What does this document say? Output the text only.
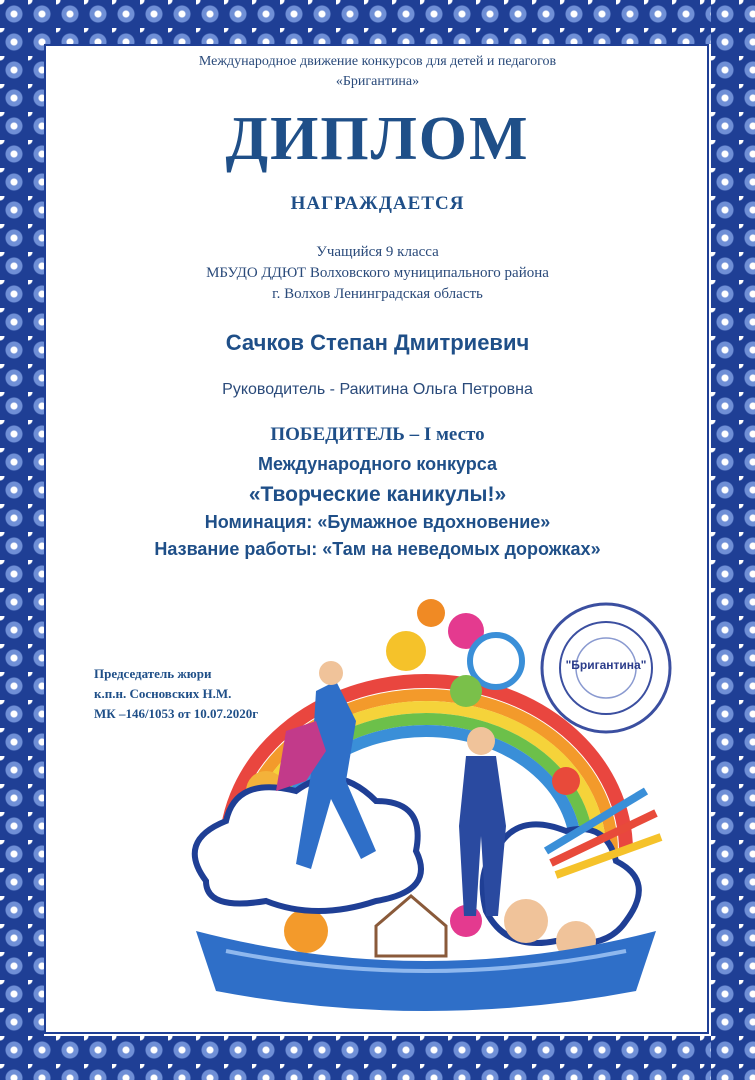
Международное движение конкурсов для детей и педагогов
«Бригантина»
ДИПЛОМ
НАГРАЖДАЕТСЯ
Учащийся 9 класса
МБУДО ДДЮТ Волховского муниципального района
г. Волхов Ленинградская область
Сачков Степан Дмитриевич
Руководитель - Ракитина Ольга Петровна
ПОБЕДИТЕЛЬ – I место
Международного конкурса
«Творческие каникулы!»
Номинация: «Бумажное вдохновение»
Название работы: «Там на неведомых дорожках»
"Бригантина"
Председатель жюри
к.п.н. Сосновских Н.М.
МК –146/1053 от 10.07.2020г
